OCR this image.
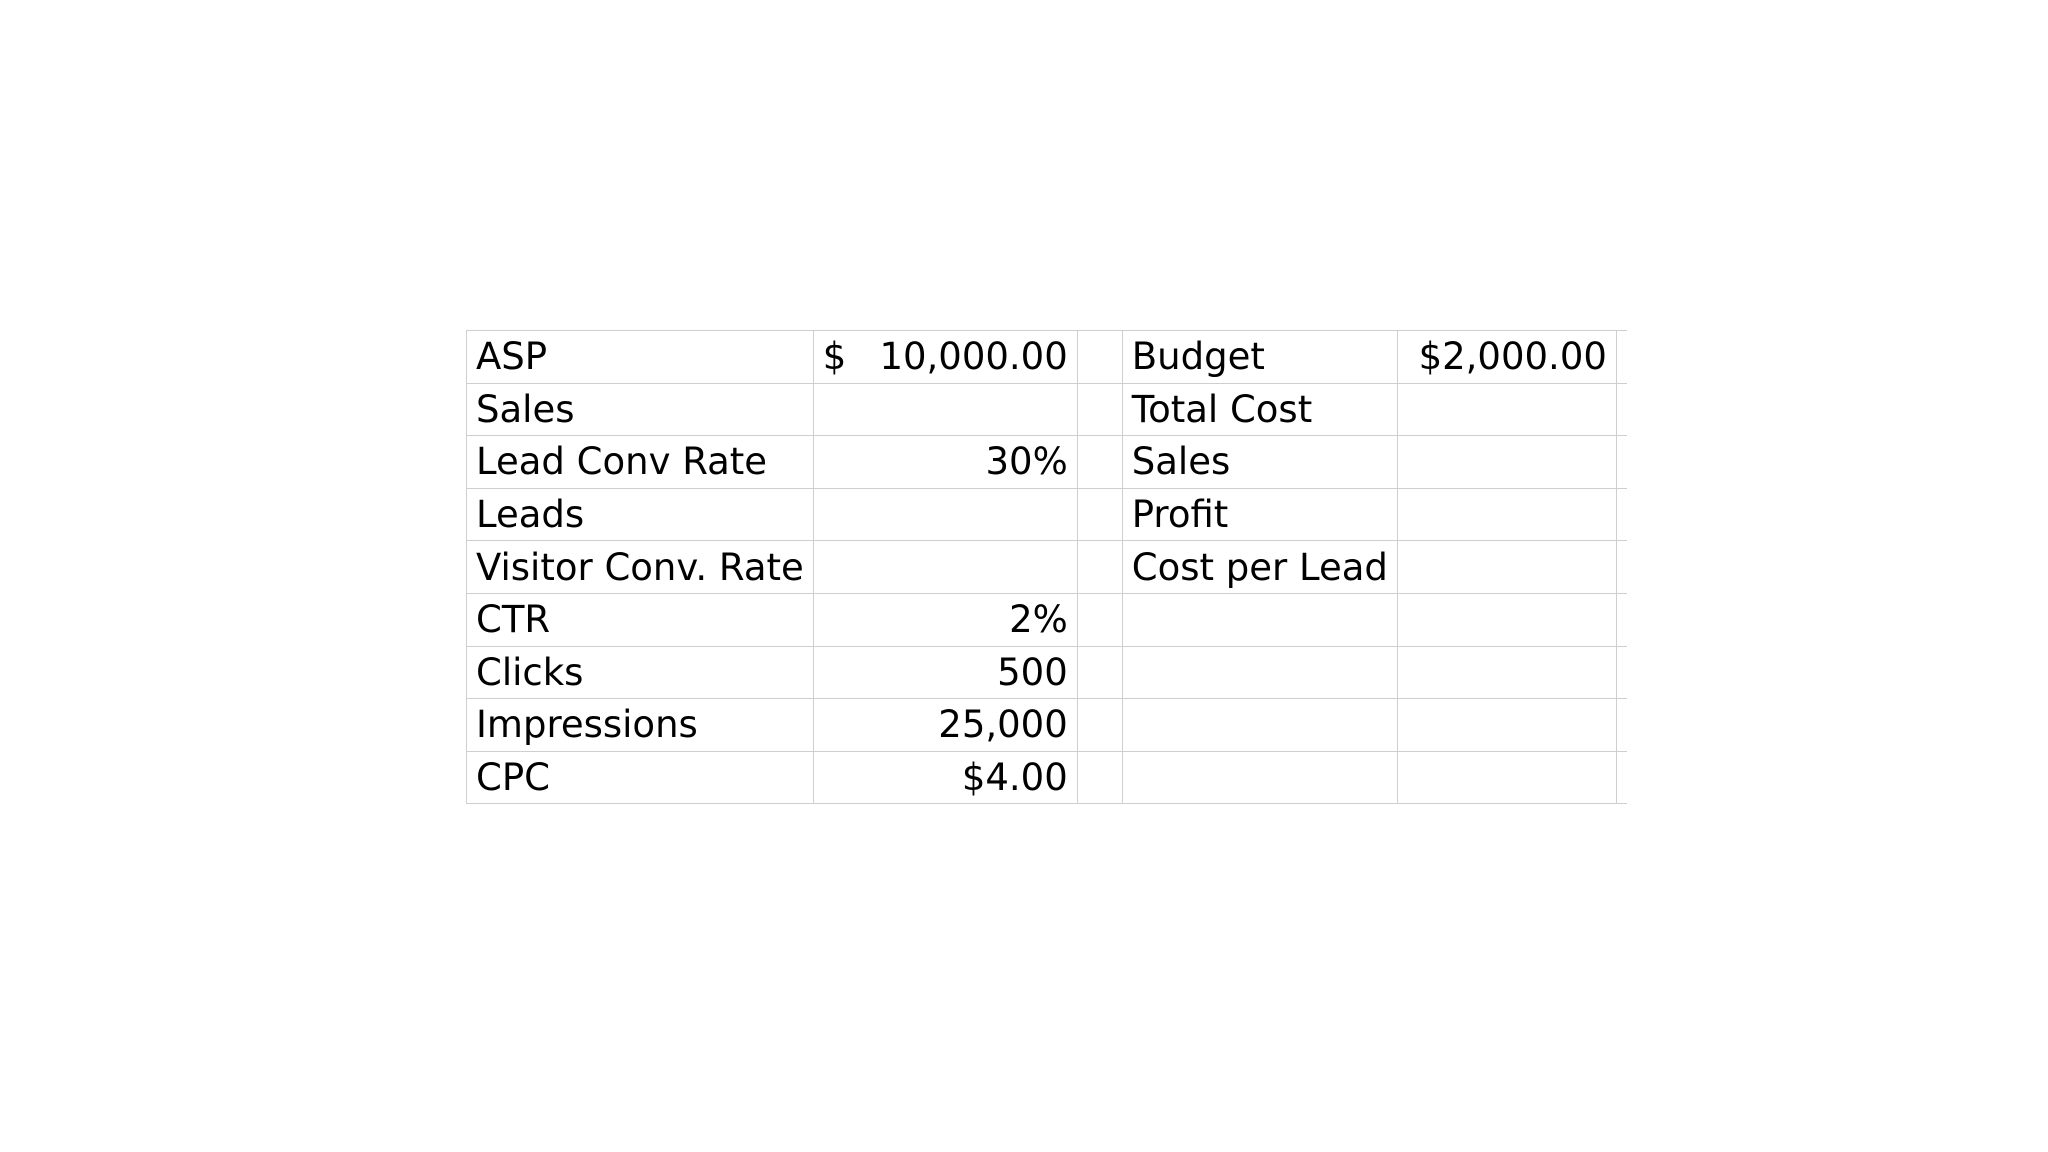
ASP	$ 10,000.00		Budget	$2,000.00	
Sales			Total Cost		
Lead Conv Rate	30%		Sales		
Leads			Profit		
Visitor Conv. Rate			Cost per Lead		
CTR	2%				
Clicks	500				
Impressions	25,000				
CPC	$4.00				
